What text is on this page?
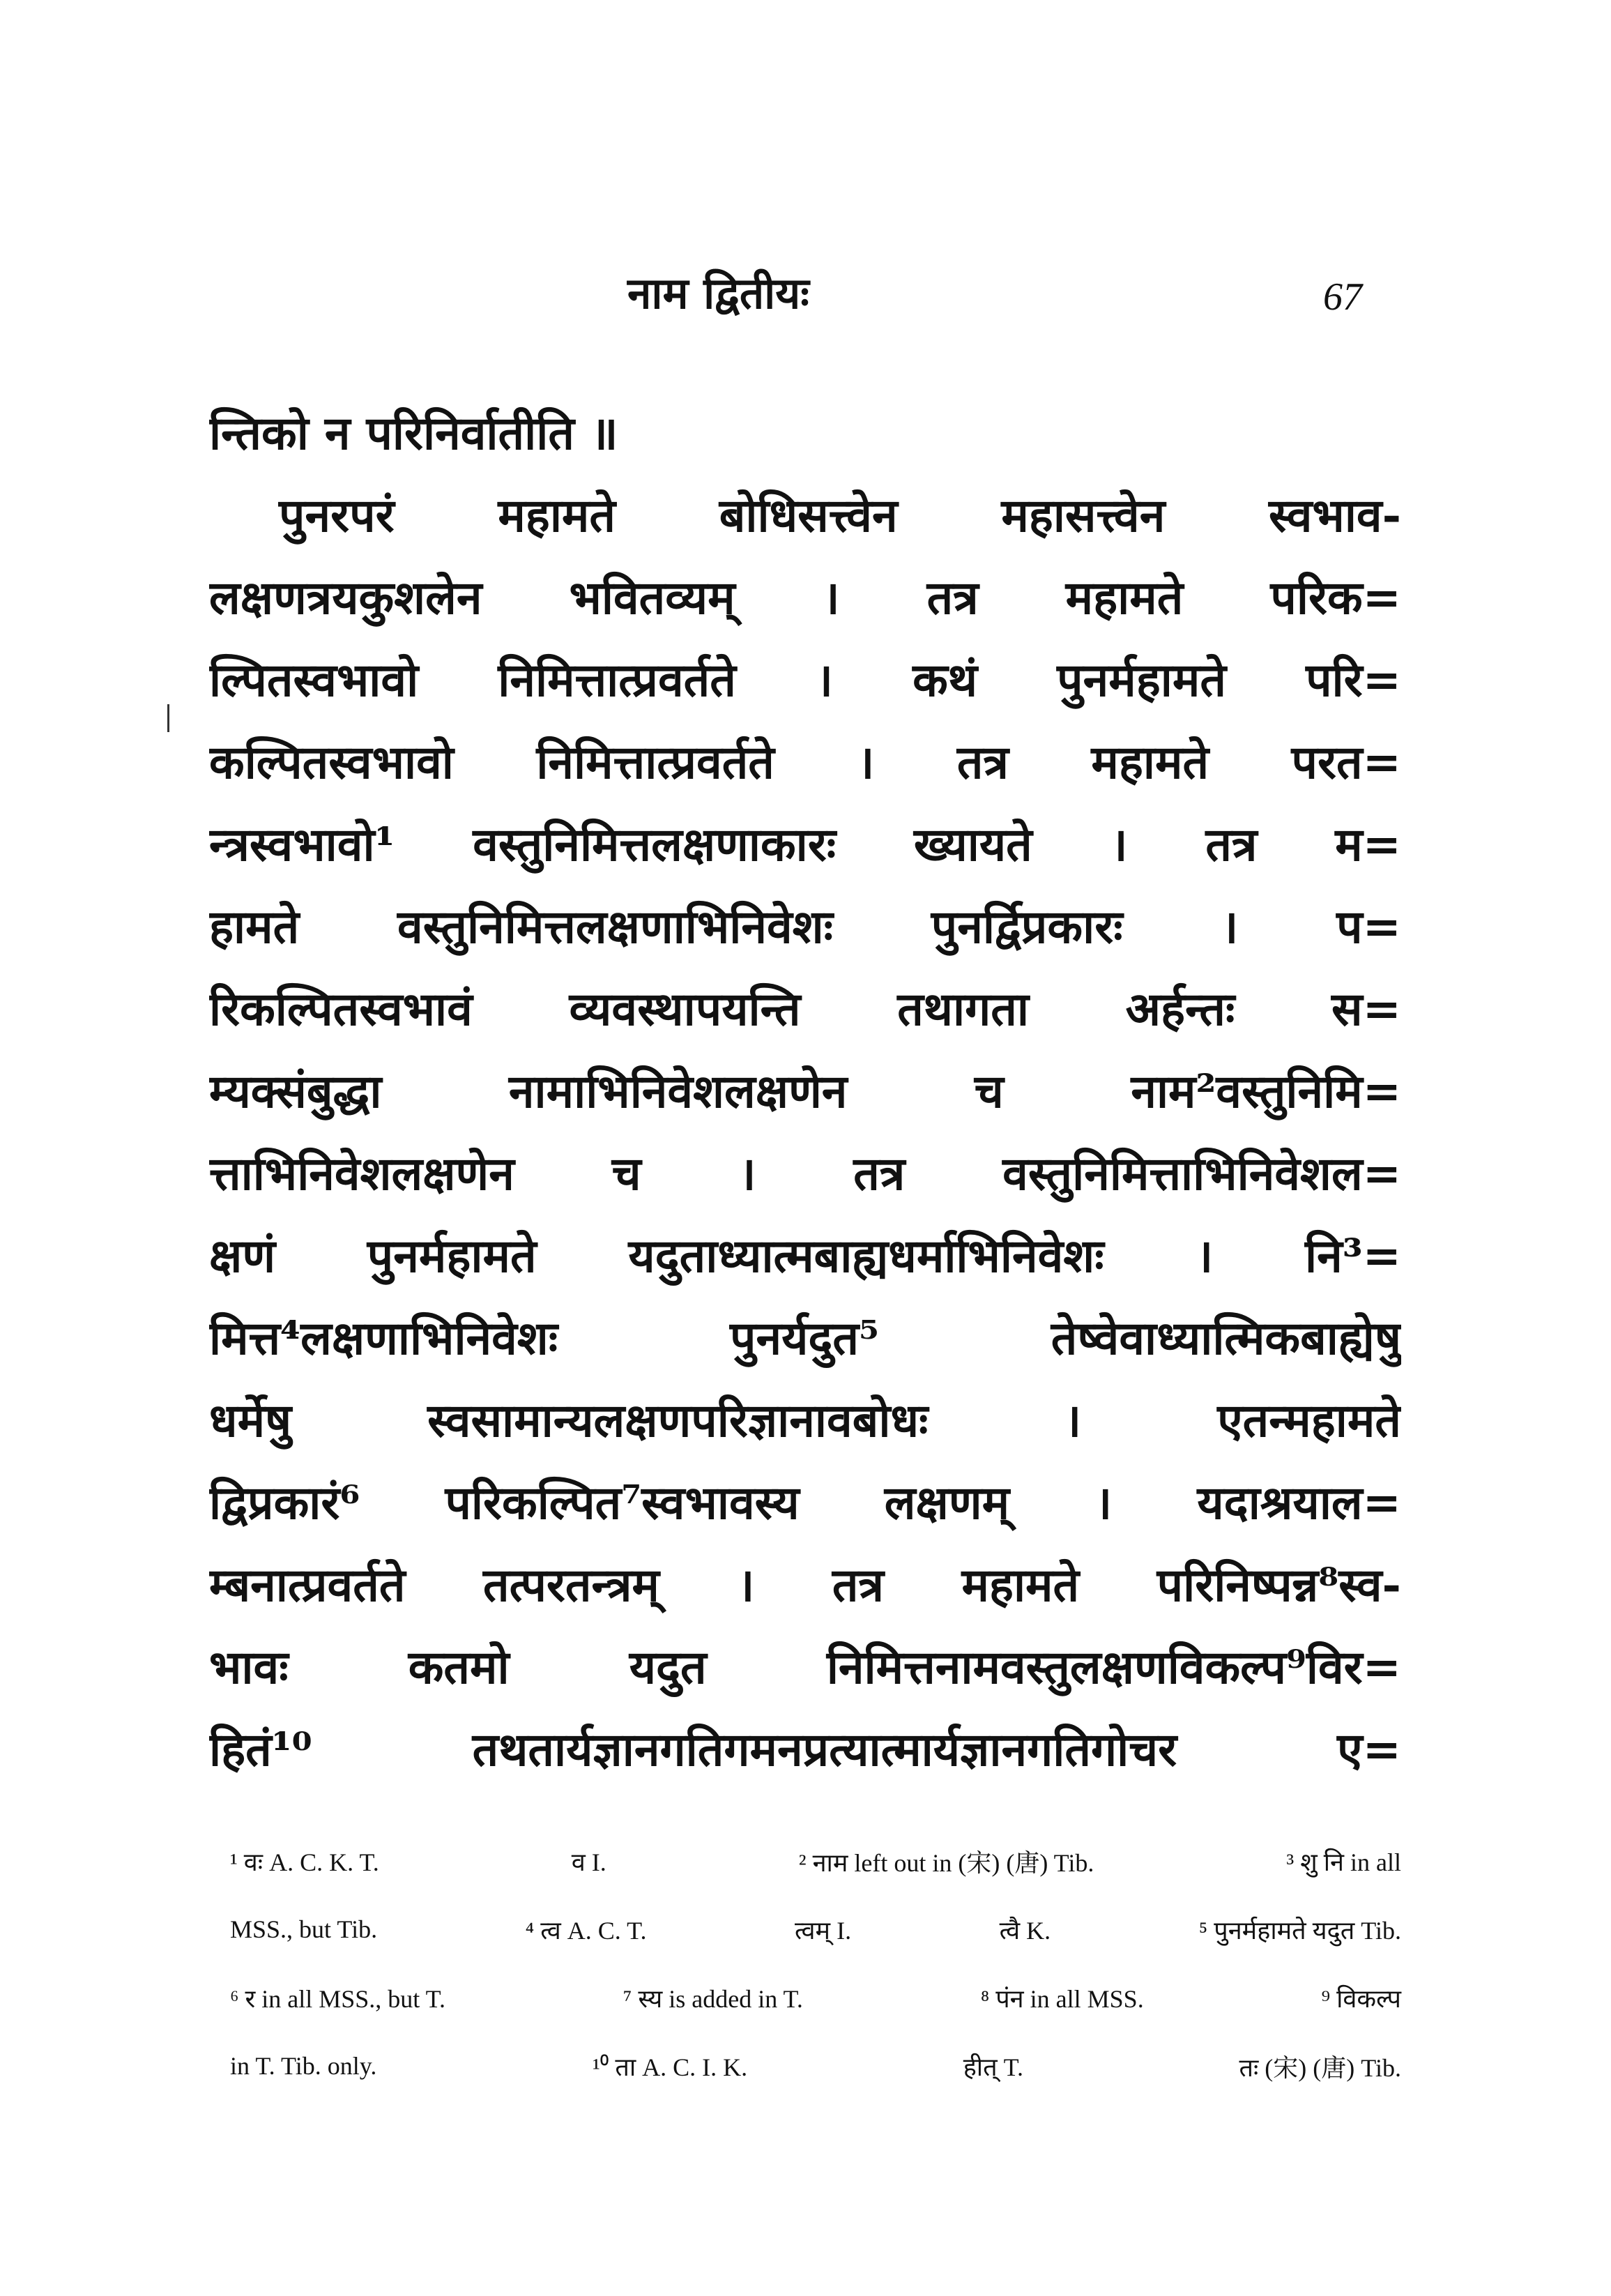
नाम द्वितीयः	67
न्तिको
न
परिनिर्वातीति
॥
पुनरपरं महामते बोधिसत्त्वेन महासत्त्वेन स्वभाव-
लक्षणत्रयकुशलेन भवितव्यम् । तत्र महामते परिक=
ल्पितस्वभावो निमित्तात्प्रवर्तते । कथं पुनर्महामते परि=
कल्पितस्वभावो निमित्तात्प्रवर्तते । तत्र महामते परत=
न्त्रस्वभावो¹ वस्तुनिमित्तलक्षणाकारः ख्यायते । तत्र म=
हामते वस्तुनिमित्तलक्षणाभिनिवेशः पुनर्द्विप्रकारः । प=
रिकल्पितस्वभावं व्यवस्थापयन्ति तथागता अर्हन्तः स=
म्यक्संबुद्धा	नामाभिनिवेशलक्षणेन	च	नाम²वस्तुनिमि=
त्ताभिनिवेशलक्षणेन च । तत्र वस्तुनिमित्ताभिनिवेशल=
क्षणं पुनर्महामते यदुताध्यात्मबाह्यधर्माभिनिवेशः । नि³=
मित्त⁴लक्षणाभिनिवेशः	पुनर्यदुत⁵	तेष्वेवाध्यात्मिकबाह्येषु
धर्मेषु	स्वसामान्यलक्षणपरिज्ञानावबोधः	।	एतन्महामते
द्विप्रकारं⁶ परिकल्पित⁷स्वभावस्य लक्षणम् । यदाश्रयाल=
म्बनात्प्रवर्तते तत्परतन्त्रम् । तत्र महामते परिनिष्पन्न⁸स्व-
भावः	कतमो	यदुत	निमित्तनामवस्तुलक्षणविकल्प⁹विर=
हितं¹⁰	तथतार्यज्ञानगतिगमनप्रत्यात्मार्यज्ञानगतिगोचर	ए=
¹ वः A. C. K. T.	व I.	² नाम left out in (宋) (唐) Tib.	³ शु नि in all
MSS., but Tib.	⁴ त्व A. C. T.	त्वम् I.	त्वै K.	⁵ पुनर्महामते यदुत Tib.
⁶ र in all MSS., but T.	⁷ स्य is added in T.	⁸ पंन in all MSS.	⁹ विकल्प
in T. Tib. only.	¹⁰ ता A. C. I. K.	हीत् T.	तः (宋) (唐) Tib.
